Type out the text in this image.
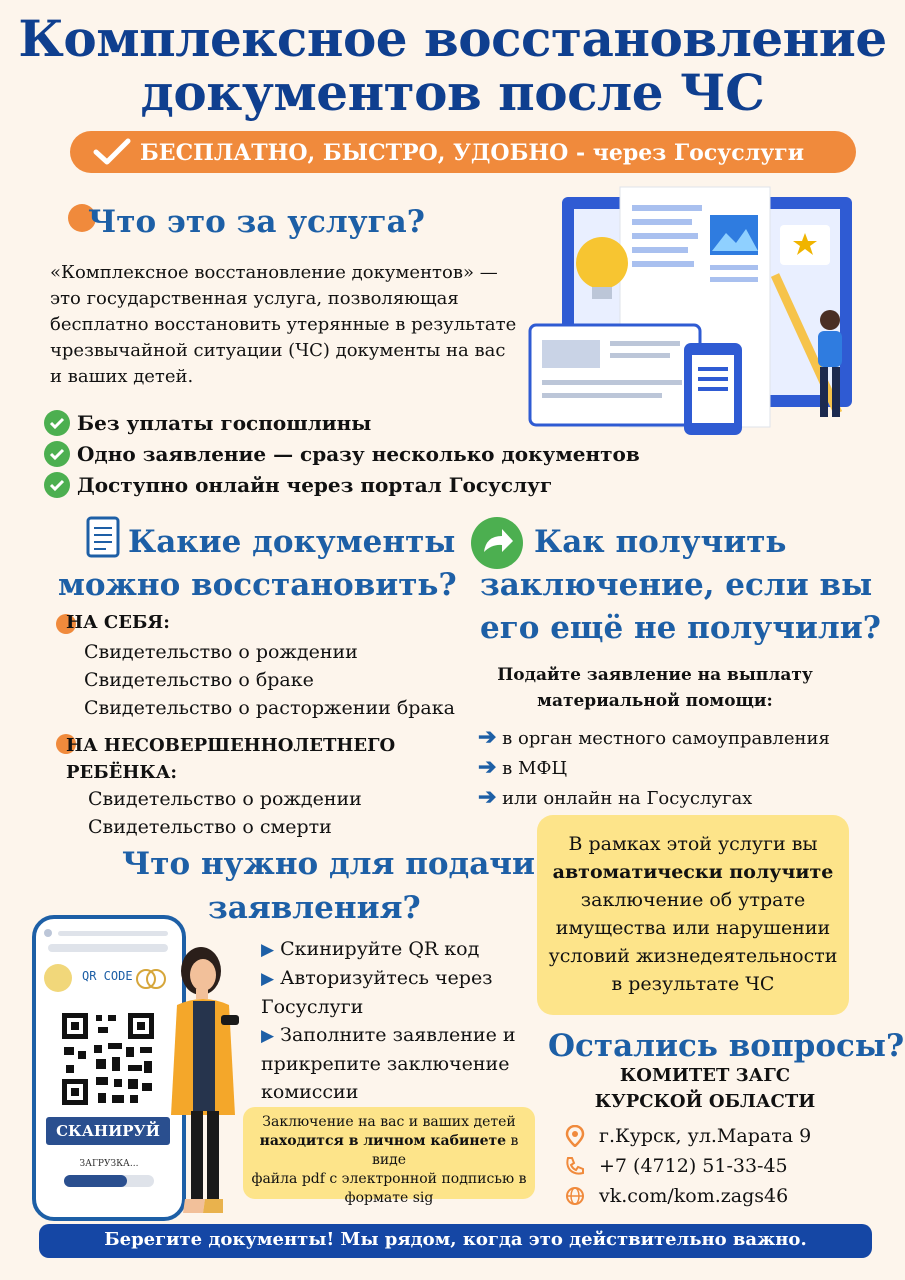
Комплексное восстановление
документов после ЧС
БЕСПЛАТНО, БЫСТРО, УДОБНО - через Госуслуги
Что это за услуга?
«Комплексное восстановление документов» — это государственная услуга, позволяющая бесплатно восстановить утерянные в результате чрезвычайной ситуации (ЧС) документы на вас и ваших детей.
Без уплаты госпошлины
Одно заявление — сразу несколько документов
Доступно онлайн через портал Госуслуг
Какие документы
можно восстановить?
НА СЕБЯ:
Свидетельство о рождении
Свидетельство о браке
Свидетельство о расторжении брака
НА НЕСОВЕРШЕННОЛЕТНЕГО
РЕБЁНКА:
Свидетельство о рождении
Свидетельство о смерти
Как получить
заключение, если вы
его ещё не получили?
Подайте заявление на выплату
материальной помощи:
➔ в орган местного самоуправления
➔ в МФЦ
➔ или онлайн на Госуслугах
В рамках этой услуги вы
автоматически получите
заключение об утрате
имущества или нарушении
условий жизнедеятельности
в результате ЧС
Что нужно для подачи
заявления?
QR CODE
СКАНИРУЙ
ЗАГРУЗКА...
▶ Скинируйте QR код
▶ Авторизуйтесь через
Госуслуги
▶ Заполните заявление и
прикрепите заключение
комиссии
Заключение на вас и ваших детей
находится в личном кабинете в виде
файла pdf с электронной подписью в
формате sig
Остались вопросы?
КОМИТЕТ ЗАГС
КУРСКОЙ ОБЛАСТИ
г.Курск, ул.Марата 9
+7 (4712) 51-33-45
vk.com/kom.zags46
Берегите документы! Мы рядом, когда это действительно важно.
